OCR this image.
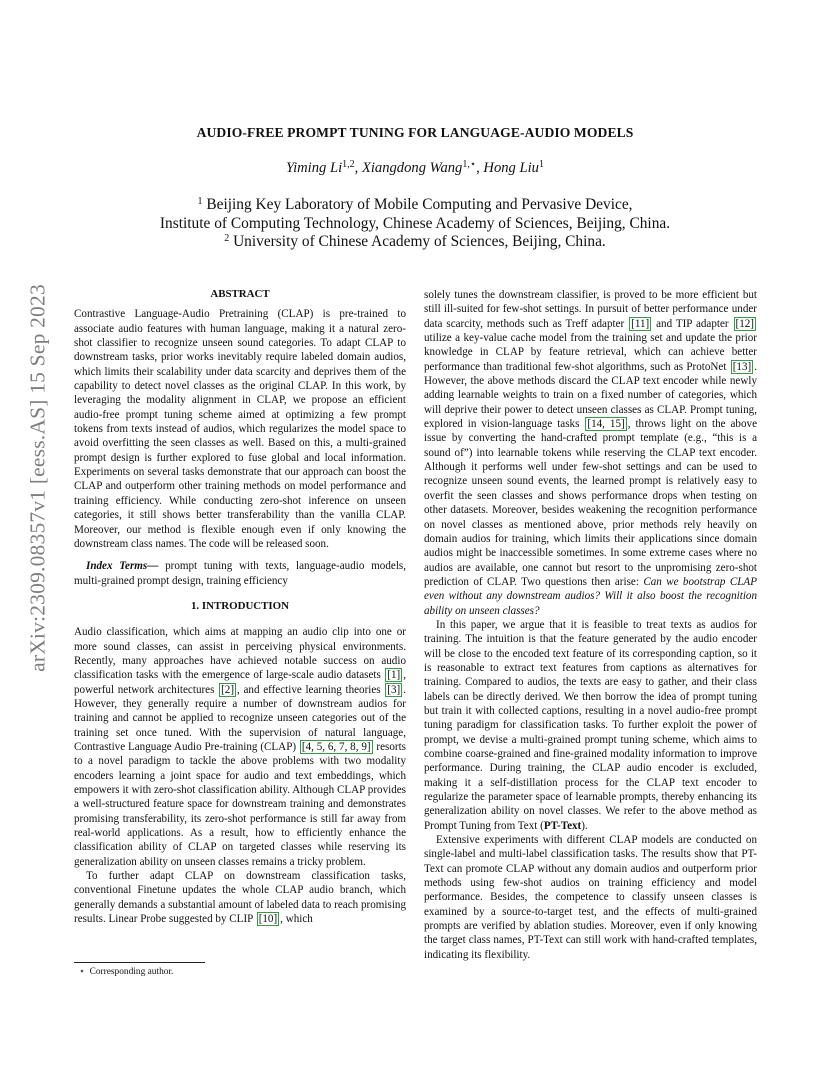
arXiv:2309.08357v1 [eess.AS] 15 Sep 2023
AUDIO-FREE PROMPT TUNING FOR LANGUAGE-AUDIO MODELS
Yiming Li$^{1,2}$, Xiangdong Wang$^{1,⋆}$, Hong Liu$^1$
$^1$ Beijing Key Laboratory of Mobile Computing and Pervasive Device,
Institute of Computing Technology, Chinese Academy of Sciences, Beijing, China.
$^2$ University of Chinese Academy of Sciences, Beijing, China.
ABSTRACT

Contrastive Language-Audio Pretraining (CLAP) is pre-trained to associate audio features with human language, making it a natural zero-shot classifier to recognize unseen sound categories. To adapt CLAP to downstream tasks, prior works inevitably require labeled domain audios, which limits their scalability under data scarcity and deprives them of the capability to detect novel classes as the original CLAP. In this work, by leveraging the modality alignment in CLAP, we propose an efficient audio-free prompt tuning scheme aimed at optimizing a few prompt tokens from texts instead of audios, which regularizes the model space to avoid overfitting the seen classes as well. Based on this, a multi-grained prompt design is further explored to fuse global and local information. Experiments on several tasks demonstrate that our approach can boost the CLAP and outperform other training methods on model performance and training efficiency. While conducting zero-shot inference on unseen categories, it still shows better transferability than the vanilla CLAP. Moreover, our method is flexible enough even if only knowing the downstream class names. The code will be released soon.

Index Terms— prompt tuning with texts, language-audio models, multi-grained prompt design, training efficiency

1. INTRODUCTION

Audio classification, which aims at mapping an audio clip into one or more sound classes, can assist in perceiving physical environments. Recently, many approaches have achieved notable success on audio classification tasks with the emergence of large-scale audio datasets [1] , powerful network architectures [2] , and effective learning theories [3] . However, they generally require a number of downstream audios for training and cannot be applied to recognize unseen categories out of the training set once tuned. With the supervision of natural language, Contrastive Language Audio Pre-training (CLAP) [4, 5, 6, 7, 8, 9] resorts to a novel paradigm to tackle the above problems with two modality encoders learning a joint space for audio and text embeddings, which empowers it with zero-shot classification ability. Although CLAP provides a well-structured feature space for downstream training and demonstrates promising transferability, its zero-shot performance is still far away from real-world applications. As a result, how to efficiently enhance the classification ability of CLAP on targeted classes while reserving its generalization ability on unseen classes remains a tricky problem.

To further adapt CLAP on downstream classification tasks, conventional Finetune updates the whole CLAP audio branch, which generally demands a substantial amount of labeled data to reach promising results. Linear Probe suggested by CLIP [10] , which

solely tunes the downstream classifier, is proved to be more efficient but still ill-suited for few-shot settings. In pursuit of better performance under data scarcity, methods such as Treff adapter [11] and TIP adapter [12] utilize a key-value cache model from the training set and update the prior knowledge in CLAP by feature retrieval, which can achieve better performance than traditional few-shot algorithms, such as ProtoNet [13] . However, the above methods discard the CLAP text encoder while newly adding learnable weights to train on a fixed number of categories, which will deprive their power to detect unseen classes as CLAP. Prompt tuning, explored in vision-language tasks [14, 15] , throws light on the above issue by converting the hand-crafted prompt template (e.g., “this is a sound of”) into learnable tokens while reserving the CLAP text encoder. Although it performs well under few-shot settings and can be used to recognize unseen sound events, the learned prompt is relatively easy to overfit the seen classes and shows performance drops when testing on other datasets. Moreover, besides weakening the recognition performance on novel classes as mentioned above, prior methods rely heavily on domain audios for training, which limits their applications since domain audios might be inaccessible sometimes. In some extreme cases where no audios are available, one cannot but resort to the unpromising zero-shot prediction of CLAP. Two questions then arise: Can we bootstrap CLAP even without any downstream audios? Will it also boost the recognition ability on unseen classes?

In this paper, we argue that it is feasible to treat texts as audios for training. The intuition is that the feature generated by the audio encoder will be close to the encoded text feature of its corresponding caption, so it is reasonable to extract text features from captions as alternatives for training. Compared to audios, the texts are easy to gather, and their class labels can be directly derived. We then borrow the idea of prompt tuning but train it with collected captions, resulting in a novel audio-free prompt tuning paradigm for classification tasks. To further exploit the power of prompt, we devise a multi-grained prompt tuning scheme, which aims to combine coarse-grained and fine-grained modality information to improve performance. During training, the CLAP audio encoder is excluded, making it a self-distillation process for the CLAP text encoder to regularize the parameter space of learnable prompts, thereby enhancing its generalization ability on novel classes. We refer to the above method as Prompt Tuning from Text (PT-Text).

Extensive experiments with different CLAP models are conducted on single-label and multi-label classification tasks. The results show that PT-Text can promote CLAP without any domain audios and outperform prior methods using few-shot audios on training efficiency and model performance. Besides, the competence to classify unseen classes is examined by a source-to-target test, and the effects of multi-grained prompts are verified by ablation studies. Moreover, even if only knowing the target class names, PT-Text can still work with hand-crafted templates, indicating its flexibility.

⋆ Corresponding author.
